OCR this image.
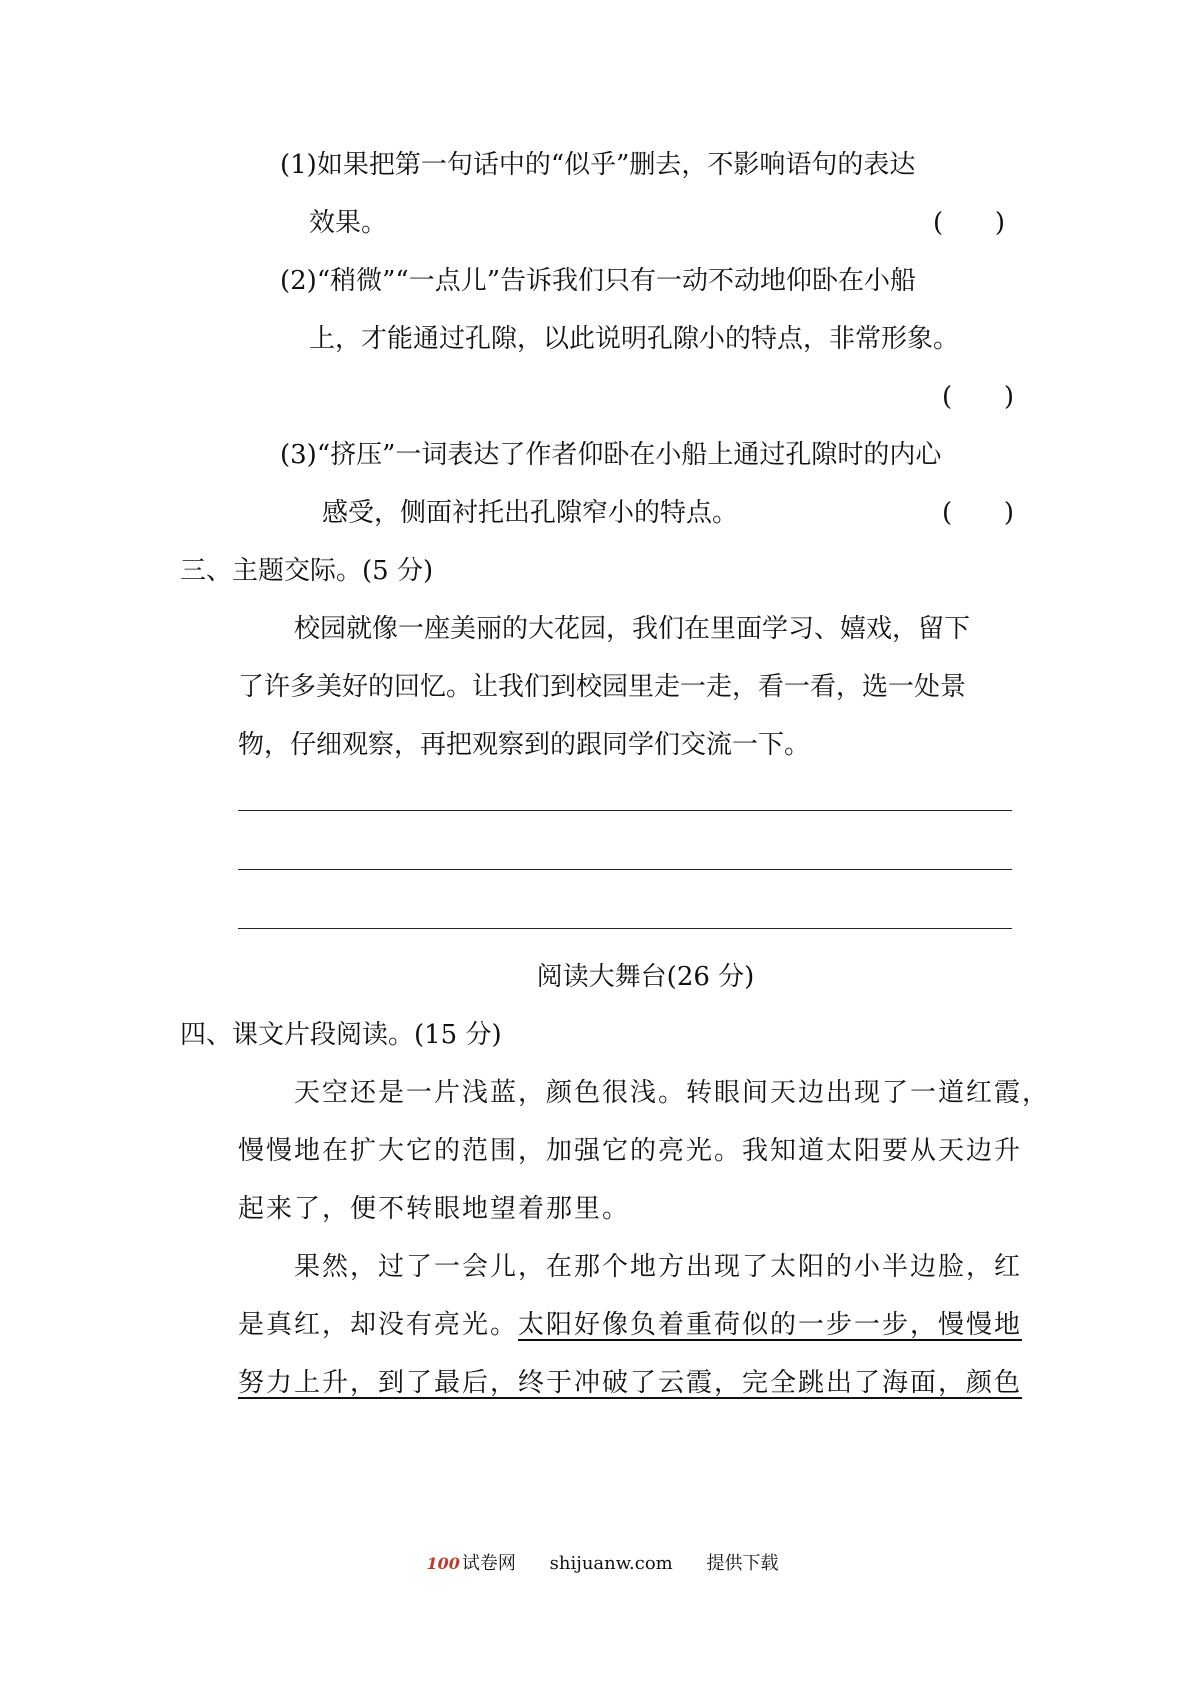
(1)如果把第一句话中的“似乎”删去，不影响语句的表达
效果。	( )
(2)“稍微”“一点儿”告诉我们只有一动不动地仰卧在小船
上，才能通过孔隙，以此说明孔隙小的特点，非常形象。
( )
(3)“挤压”一词表达了作者仰卧在小船上通过孔隙时的内心
感受，侧面衬托出孔隙窄小的特点。	( )
三、主题交际。(5 分)
校园就像一座美丽的大花园，我们在里面学习、嬉戏，留下
了许多美好的回忆。让我们到校园里走一走，看一看，选一处景
物，仔细观察，再把观察到的跟同学们交流一下。
阅读大舞台(26 分)
四、课文片段阅读。(15 分)
天空还是一片浅蓝，颜色很浅。转眼间天边出现了一道红霞，
慢慢地在扩大它的范围，加强它的亮光。我知道太阳要从天边升
起来了，便不转眼地望着那里。
果然，过了一会儿，在那个地方出现了太阳的小半边脸，红
是真红，却没有亮光。太阳好像负着重荷似的一步一步，慢慢地
努力上升，到了最后，终于冲破了云霞，完全跳出了海面，颜色
100 试卷网 shijuanw.com 提供下载
